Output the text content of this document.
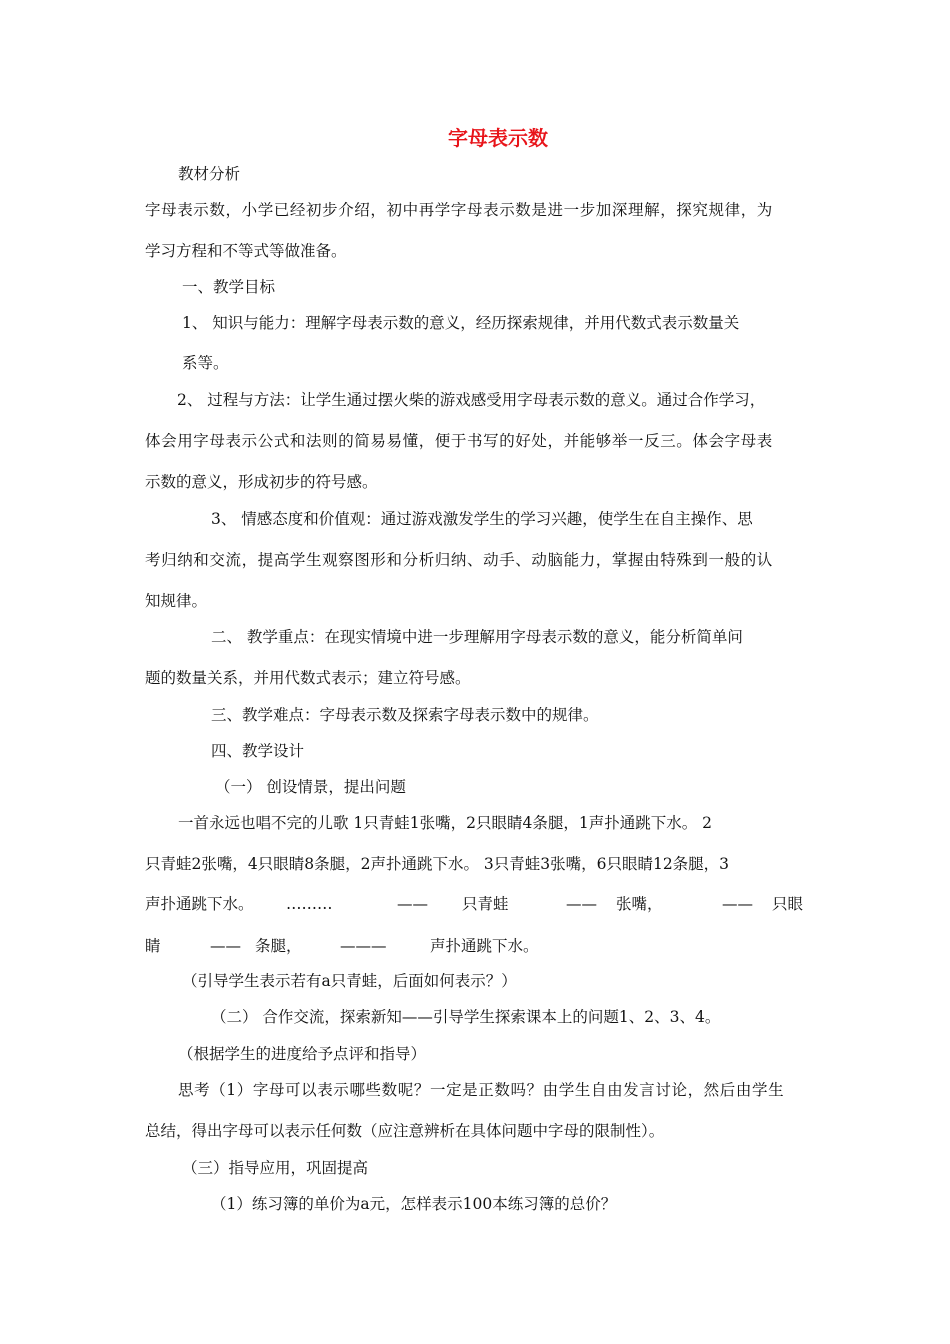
字母表示数
教材分析
字母表示数，小学已经初步介绍，初中再学字母表示数是进一步加深理解，探究规律，为
学习方程和不等式等做准备。
一、教学目标
1、 知识与能力：理解字母表示数的意义，经历探索规律，并用代数式表示数量关
系等。
2、 过程与方法：让学生通过摆火柴的游戏感受用字母表示数的意义。通过合作学习，
体会用字母表示公式和法则的简易易懂，便于书写的好处，并能够举一反三。体会字母表
示数的意义，形成初步的符号感。
3、 情感态度和价值观：通过游戏激发学生的学习兴趣，使学生在自主操作、思
考归纳和交流，提高学生观察图形和分析归纳、动手、动脑能力，掌握由特殊到一般的认
知规律。
二、 教学重点：在现实情境中进一步理解用字母表示数的意义，能分析简单问
题的数量关系，并用代数式表示；建立符号感。
三、教学难点：字母表示数及探索字母表示数中的规律。
四、教学设计
（一） 创设情景，提出问题
一首永远也唱不完的儿歌 1只青蛙1张嘴，2只眼睛4条腿，1声扑通跳下水。 2
只青蛙2张嘴，4只眼睛8条腿，2声扑通跳下水。 3只青蛙3张嘴，6只眼睛12条腿，3
声扑通跳下水。 ………	—— 只青蛙	—— 张嘴，	—— 只眼
睛	—— 条腿， ———	声扑通跳下水。
（引导学生表示若有a只青蛙，后面如何表示？）
（二） 合作交流，探索新知——引导学生探索课本上的问题1、2、3、4。
（根据学生的进度给予点评和指导）
思考（1）字母可以表示哪些数呢？一定是正数吗？由学生自由发言讨论，然后由学生
总结，得出字母可以表示任何数（应注意辨析在具体问题中字母的限制性）。
（三）指导应用，巩固提高
（1）练习簿的单价为a元，怎样表示100本练习簿的总价？
